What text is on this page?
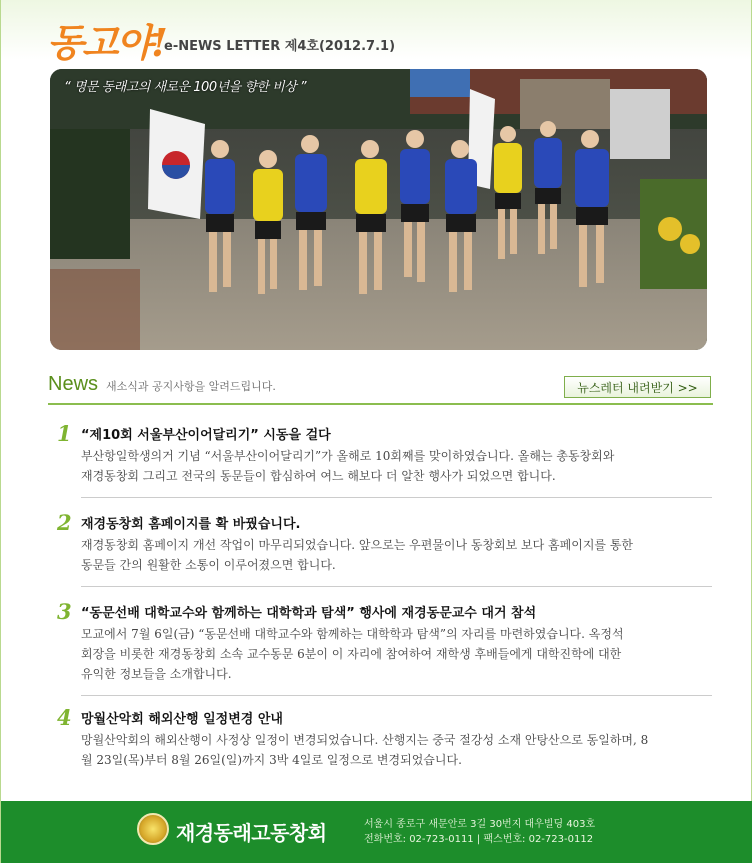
동고야!
e-NEWS LETTER 제4호(2012.7.1)
“ 명문 동래고의 새로운 100년을 향한 비상 ”
News 새소식과 공지사항을 알려드립니다.	뉴스레터 내려받기 >>
1 “제10회 서울부산이어달리기” 시동을 걸다
부산항일학생의거 기념 “서울부산이어달리기”가 올해로 10회째를 맞이하였습니다. 올해는 총동창회와
재경동창회 그리고 전국의 동문들이 합심하여 여느 해보다 더 알찬 행사가 되었으면 합니다.
2 재경동창회 홈페이지를 확 바꿨습니다.
재경동창회 홈페이지 개선 작업이 마무리되었습니다. 앞으로는 우편물이나 동창회보 보다 홈페이지를 통한
동문들 간의 원활한 소통이 이루어졌으면 합니다.
3 “동문선배 대학교수와 함께하는 대학학과 탐색” 행사에 재경동문교수 대거 참석
모교에서 7월 6일(금) “동문선배 대학교수와 함께하는 대학학과 탐색”의 자리를 마련하였습니다. 옥정석
회장을 비롯한 재경동창회 소속 교수동문 6분이 이 자리에 참여하여 재학생 후배들에게 대학진학에 대한
유익한 정보들을 소개합니다.
4 망월산악회 해외산행 일정변경 안내
망월산악회의 해외산행이 사정상 일정이 변경되었습니다. 산행지는 중국 절강성 소재 안탕산으로 동일하며, 8
월 23일(목)부터 8월 26일(일)까지 3박 4일로 일정으로 변경되었습니다.
재경동래고동창회	서울시 종로구 새문안로 3길 30번지 대우빌딩 403호
전화번호: 02-723-0111 | 팩스번호: 02-723-0112
